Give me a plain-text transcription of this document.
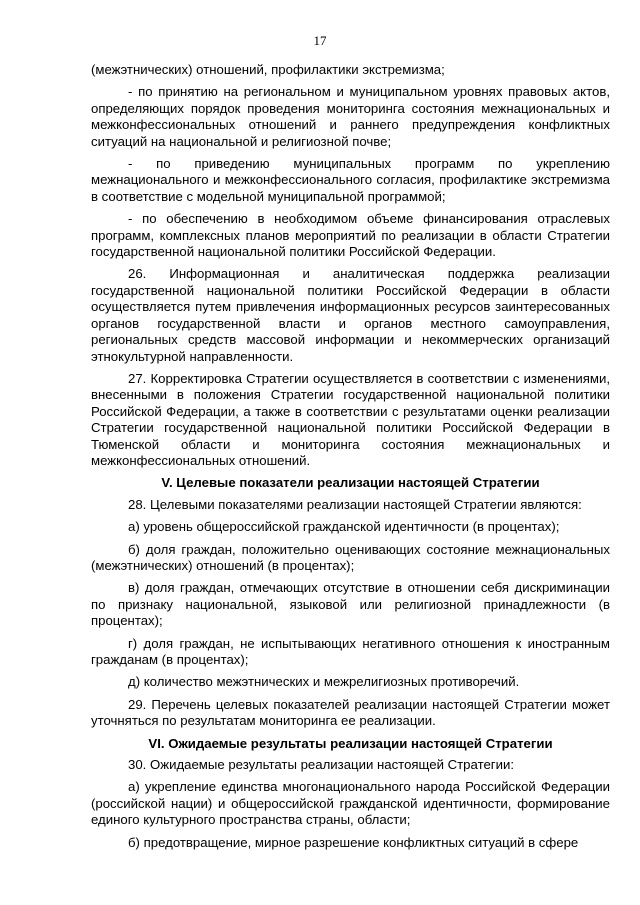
17

(межэтнических) отношений, профилактики экстремизма;

- по принятию на региональном и муниципальном уровнях правовых актов, определяющих порядок проведения мониторинга состояния межнациональных и межконфессиональных отношений и раннего предупреждения конфликтных ситуаций на национальной и религиозной почве;

- по приведению муниципальных программ по укреплению межнационального и межконфессионального согласия, профилактике экстремизма в соответствие с модельной муниципальной программой;

- по обеспечению в необходимом объеме финансирования отраслевых программ, комплексных планов мероприятий по реализации в области Стратегии государственной национальной политики Российской Федерации.

26. Информационная и аналитическая поддержка реализации государственной национальной политики Российской Федерации в области осуществляется путем привлечения информационных ресурсов заинтересованных органов государственной власти и органов местного самоуправления, региональных средств массовой информации и некоммерческих организаций этнокультурной направленности.

27. Корректировка Стратегии осуществляется в соответствии с изменениями, внесенными в положения Стратегии государственной национальной политики Российской Федерации, а также в соответствии с результатами оценки реализации Стратегии государственной национальной политики Российской Федерации в Тюменской области и мониторинга состояния межнациональных и межконфессиональных отношений.

V. Целевые показатели реализации настоящей Стратегии

28. Целевыми показателями реализации настоящей Стратегии являются:

а) уровень общероссийской гражданской идентичности (в процентах);

б) доля граждан, положительно оценивающих состояние межнациональных (межэтнических) отношений (в процентах);

в) доля граждан, отмечающих отсутствие в отношении себя дискриминации по признаку национальной, языковой или религиозной принадлежности (в процентах);

г) доля граждан, не испытывающих негативного отношения к иностранным гражданам (в процентах);

д) количество межэтнических и межрелигиозных противоречий.

29. Перечень целевых показателей реализации настоящей Стратегии может уточняться по результатам мониторинга ее реализации.

VI. Ожидаемые результаты реализации настоящей Стратегии

30. Ожидаемые результаты реализации настоящей Стратегии:

а) укрепление единства многонационального народа Российской Федерации (российской нации) и общероссийской гражданской идентичности, формирование единого культурного пространства страны, области;

б) предотвращение, мирное разрешение конфликтных ситуаций в сфере
